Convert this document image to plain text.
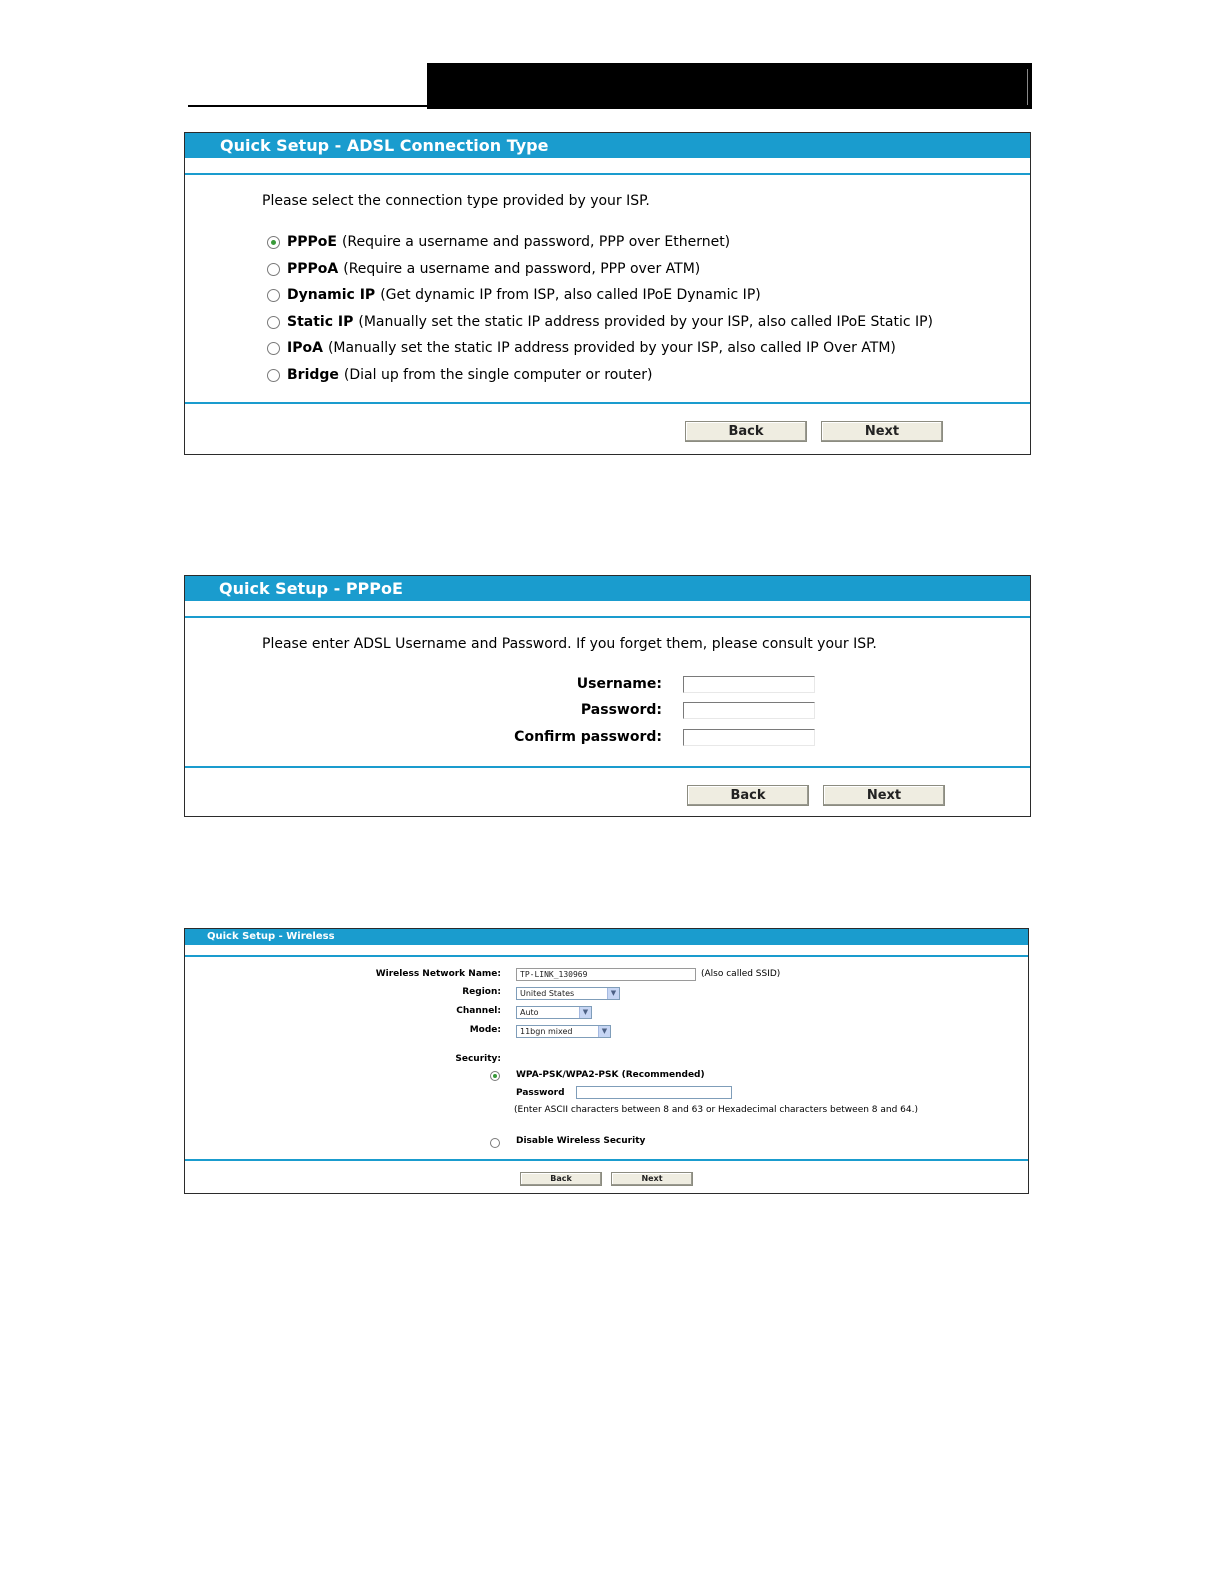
Quick Setup - ADSL Connection Type
Please select the connection type provided by your ISP.
PPPoE (Require a username and password, PPP over Ethernet)
PPPoA (Require a username and password, PPP over ATM)
Dynamic IP (Get dynamic IP from ISP, also called IPoE Dynamic IP)
Static IP (Manually set the static IP address provided by your ISP, also called IPoE Static IP)
IPoA (Manually set the static IP address provided by your ISP, also called IP Over ATM)
Bridge (Dial up from the single computer or router)
Back	Next
Quick Setup - PPPoE
Please enter ADSL Username and Password. If you forget them, please consult your ISP.
Username:
Password:
Confirm password:
Back	Next
Quick Setup - Wireless
Wireless Network Name:	TP-LINK_130969	(Also called SSID)
Region:	United States	▼
Channel:	Auto	▼
Mode:	11bgn mixed	▼
Security:
WPA-PSK/WPA2-PSK (Recommended)
Password
(Enter ASCII characters between 8 and 63 or Hexadecimal characters between 8 and 64.)
Disable Wireless Security
Back	Next
